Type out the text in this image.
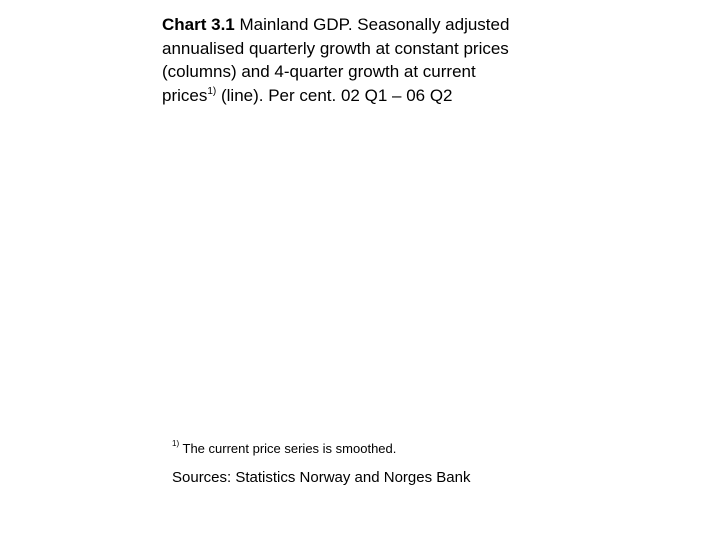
Chart 3.1 Mainland GDP. Seasonally adjusted annualised quarterly growth at constant prices (columns) and 4-quarter growth at current prices$^{1)}$ (line). Per cent. 02 Q1 – 06 Q2

$^{1)}$ The current price series is smoothed.

Sources: Statistics Norway and Norges Bank
